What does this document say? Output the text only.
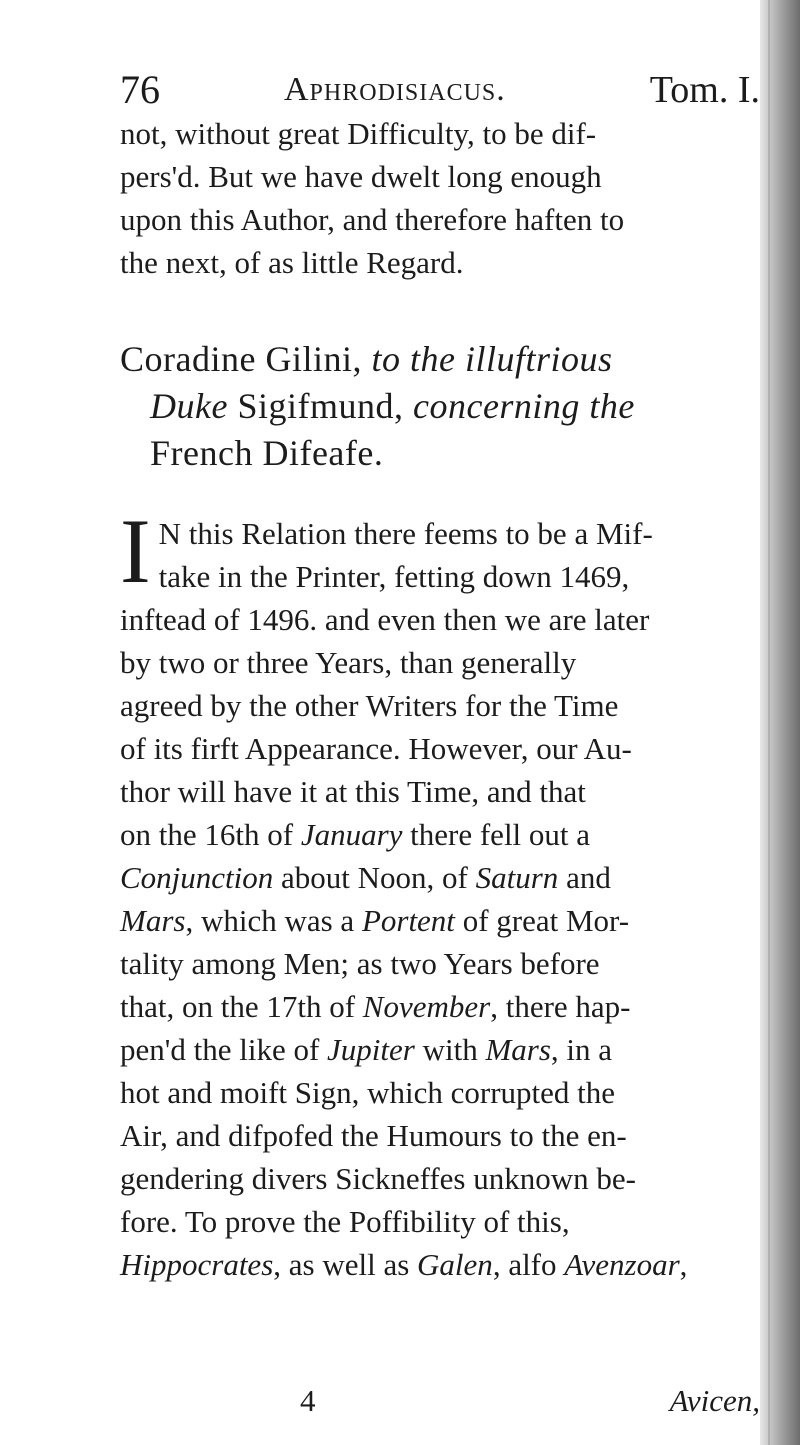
76	Aphrodisiacus.	Tom. I.
not, without great Difficulty, to be dif-
pers'd. But we have dwelt long enough
upon this Author, and therefore haften to
the next, of as little Regard.
Coradine Gilini, to the illuftrious
Duke Sigifmund, concerning the
French Difeafe.
I N this Relation there feems to be a Mif-
take in the Printer, fetting down 1469,
inftead of 1496. and even then we are later
by two or three Years, than generally
agreed by the other Writers for the Time
of its firft Appearance. However, our Au-
thor will have it at this Time, and that
on the 16th of January there fell out a
Conjunction about Noon, of Saturn and
Mars, which was a Portent of great Mor-
tality among Men; as two Years before
that, on the 17th of November, there hap-
pen'd the like of Jupiter with Mars, in a
hot and moift Sign, which corrupted the
Air, and difpofed the Humours to the en-
gendering divers Sickneffes unknown be-
fore. To prove the Poffibility of this,
Hippocrates, as well as Galen, alfo Avenzoar,
4	Avicen,
